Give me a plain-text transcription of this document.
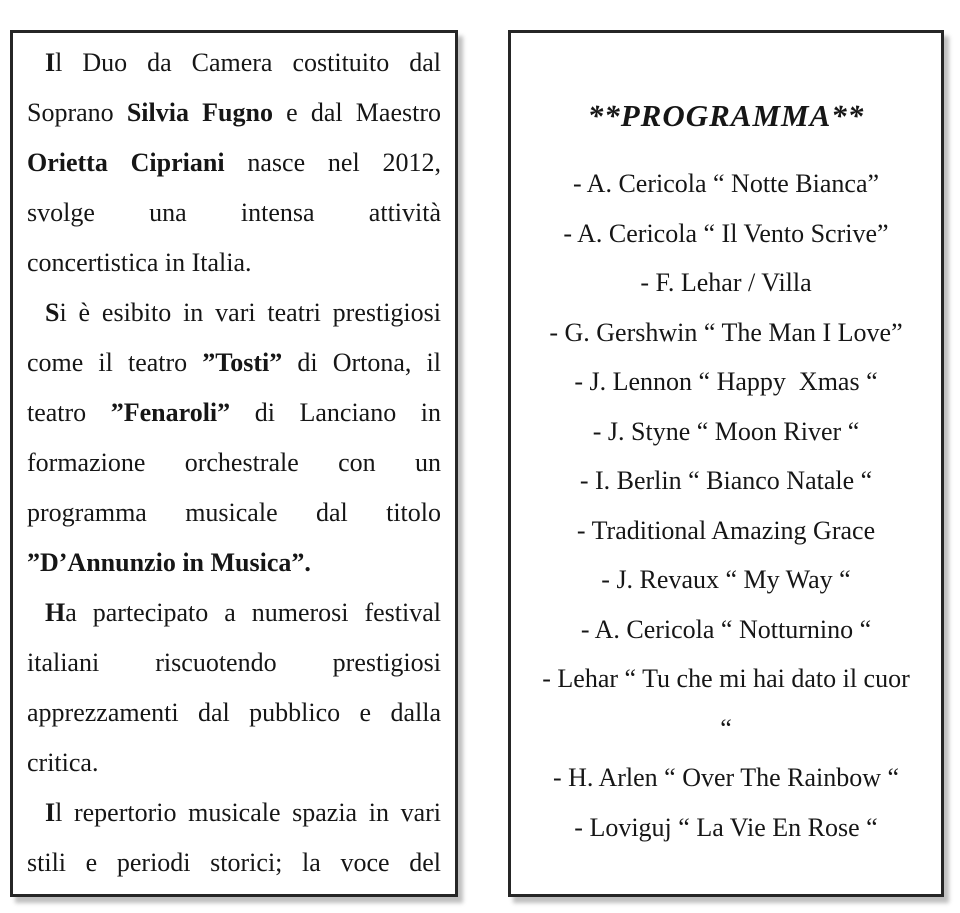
Il Duo da Camera costituito dal
Soprano Silvia Fugno e dal Maestro
Orietta Cipriani nasce nel 2012,
svolge una intensa attività
concertistica in Italia.
Si è esibito in vari teatri prestigiosi
come il teatro ”Tosti” di Ortona, il
teatro ”Fenaroli” di Lanciano in
formazione orchestrale con un
programma musicale dal titolo
”D’Annunzio in Musica”.
Ha partecipato a numerosi festival
italiani riscuotendo prestigiosi
apprezzamenti dal pubblico e dalla
critica.
Il repertorio musicale spazia in vari
stili e periodi storici; la voce del
**PROGRAMMA**
- A. Cericola “ Notte Bianca”
- A. Cericola “ Il Vento Scrive”
- F. Lehar / Villa
- G. Gershwin “ The Man I Love”
- J. Lennon “ Happy  Xmas “
- J. Styne “ Moon River “
- I. Berlin “ Bianco Natale “
- Traditional Amazing Grace
- J. Revaux “ My Way “
- A. Cericola “ Notturnino “
- Lehar “ Tu che mi hai dato il cuor
“
- H. Arlen “ Over The Rainbow “
- Loviguj “ La Vie En Rose “
